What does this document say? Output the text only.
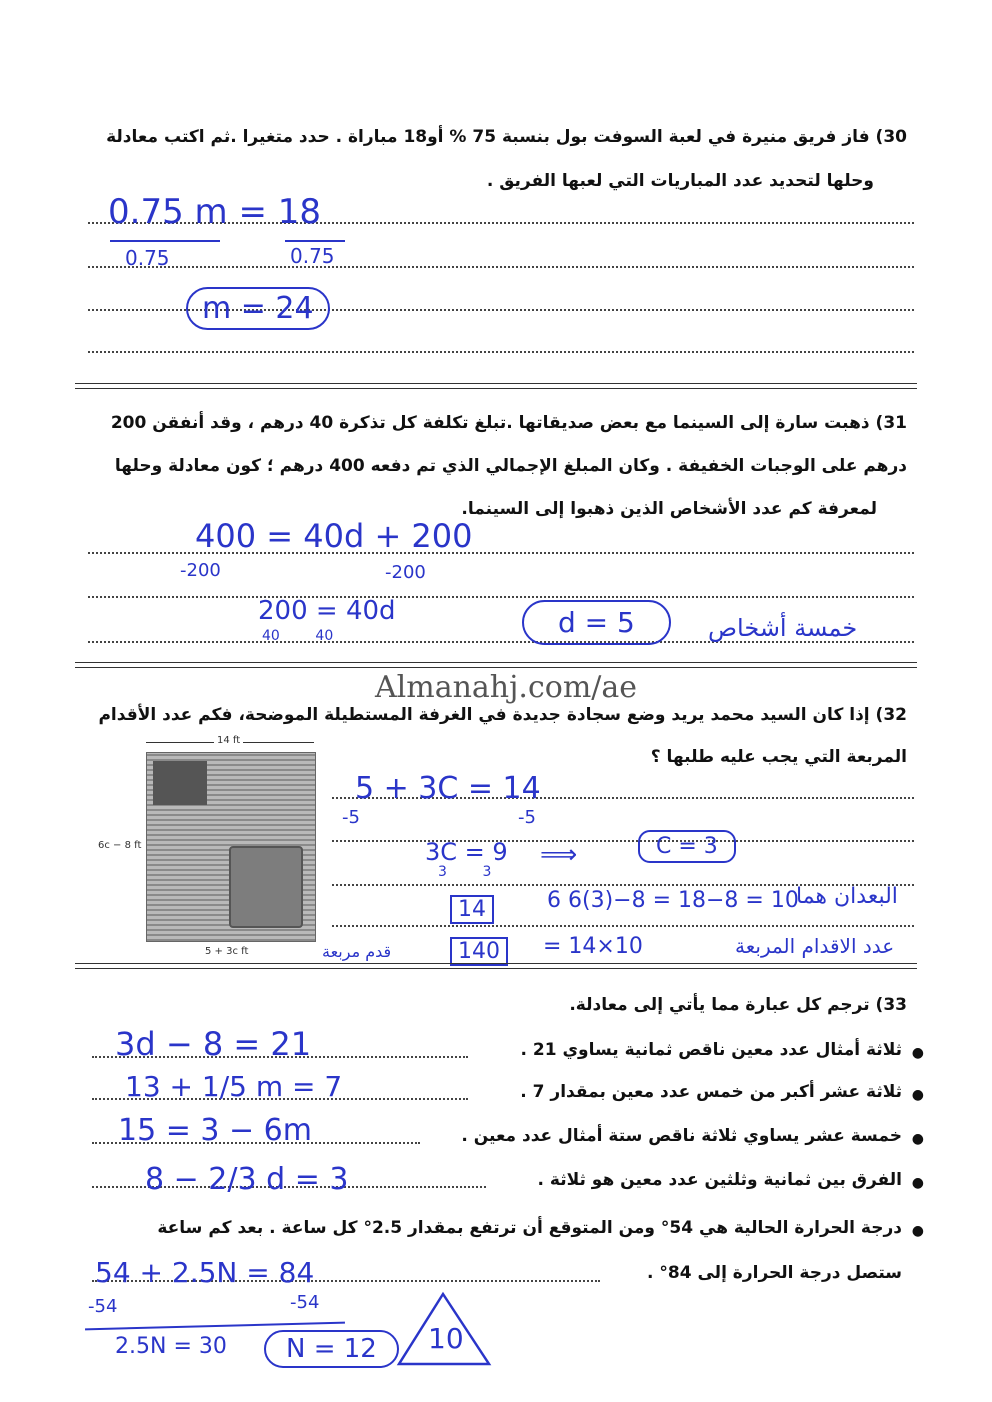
30) فاز فريق منيرة في لعبة السوفت بول بنسبة 75 % أو18 مباراة . حدد متغيرا .ثم اكتب معادلة
وحلها لتحديد عدد المباريات التي لعبها الفريق .
0.75 m = 18
0.75	0.75
m = 24
31) ذهبت سارة إلى السينما مع بعض صديقاتها .تبلغ تكلفة كل تذكرة 40 درهم ، وقد أنفقن 200
درهم على الوجبات الخفيفة . وكان المبلغ الإجمالي الذي تم دفعه 400 درهم ؛ كون معادلة وحلها
لمعرفة كم عدد الأشخاص الذين ذهبوا إلى السينما.
400 = 40d + 200
-200	-200
200 = 40d
40        40	d = 5	خمسة أشخاص
Almanahj.com/ae
32) إذا كان السيد محمد يريد وضع سجادة جديدة في الغرفة المستطيلة الموضحة، فكم عدد الأقدام
المربعة التي يجب عليه طلبها ؟
14 ft
6c − 8 ft
5 + 3c ft
5 + 3C = 14
-5	-5
3C = 9
3        3
⟹	C = 3
14	6 6(3)−8 = 18−8 = 10
البعدان هما
140
قدم مربعة	= 14×10	عدد الاقدام المربعة
33) ترجم كل عبارة مما يأتي إلى معادلة.
●
ثلاثة أمثال عدد معين ناقص ثمانية يساوي 21 .
3d − 8 = 21
●
ثلاثة عشر أكبر من خمس عدد معين بمقدار 7 .
13 + 1/5 m = 7
●
خمسة عشر يساوي ثلاثة ناقص ستة أمثال عدد معين .
15 = 3 − 6m
●
الفرق بين ثمانية وثلثين عدد معين هو ثلاثة .
8 − 2/3 d = 3
●
درجة الحرارة الحالية هي 54° ومن المتوقع أن ترتفع بمقدار 2.5° كل ساعة . بعد كم ساعة
ستصل درجة الحرارة إلى 84° .
54 + 2.5N = 84
-54	-54
2.5N = 30	N = 12	10
